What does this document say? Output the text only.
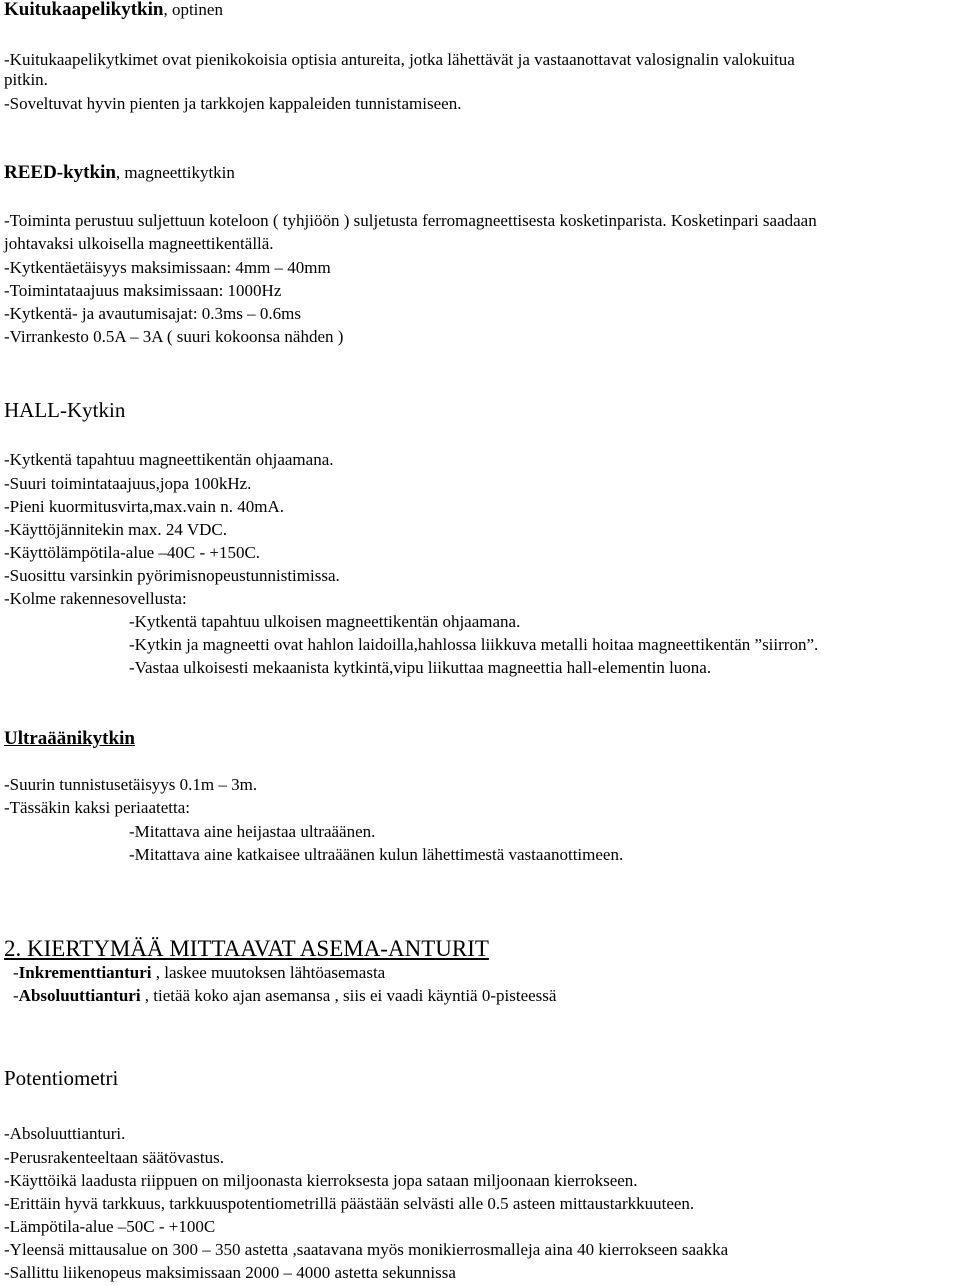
Kuitukaapelikytkin, optinen
-Kuitukaapelikytkimet ovat pienikokoisia optisia antureita, jotka lähettävät ja vastaanottavat valosignalin valokuitua
pitkin.
-Soveltuvat hyvin pienten ja tarkkojen kappaleiden tunnistamiseen.
REED-kytkin, magneettikytkin
-Toiminta perustuu suljettuun koteloon ( tyhjiöön ) suljetusta ferromagneettisesta kosketinparista. Kosketinpari saadaan
johtavaksi ulkoisella magneettikentällä.
-Kytkentäetäisyys maksimissaan: 4mm – 40mm
-Toimintataajuus maksimissaan: 1000Hz
-Kytkentä- ja avautumisajat: 0.3ms – 0.6ms
-Virrankesto 0.5A – 3A ( suuri kokoonsa nähden )
HALL-Kytkin
-Kytkentä tapahtuu magneettikentän ohjaamana.
-Suuri toimintataajuus,jopa 100kHz.
-Pieni kuormitusvirta,max.vain n. 40mA.
-Käyttöjännitekin max. 24 VDC.
-Käyttölämpötila-alue –40C - +150C.
-Suosittu varsinkin pyörimisnopeustunnistimissa.
-Kolme rakennesovellusta:
-Kytkentä tapahtuu ulkoisen magneettikentän ohjaamana.
-Kytkin ja magneetti ovat hahlon laidoilla,hahlossa liikkuva metalli hoitaa magneettikentän ”siirron”.
-Vastaa ulkoisesti mekaanista kytkintä,vipu liikuttaa magneettia hall-elementin luona.
Ultraäänikytkin
-Suurin tunnistusetäisyys 0.1m – 3m.
-Tässäkin kaksi periaatetta:
-Mitattava aine heijastaa ultraäänen.
-Mitattava aine katkaisee ultraäänen kulun lähettimestä vastaanottimeen.
2. KIERTYMÄÄ MITTAAVAT ASEMA-ANTURIT
-Inkrementtianturi , laskee muutoksen lähtöasemasta
-Absoluuttianturi , tietää koko ajan asemansa , siis ei vaadi käyntiä 0-pisteessä
Potentiometri
-Absoluuttianturi.
-Perusrakenteeltaan säätövastus.
-Käyttöikä laadusta riippuen on miljoonasta kierroksesta jopa sataan miljoonaan kierrokseen.
-Erittäin hyvä tarkkuus, tarkkuuspotentiometrillä päästään selvästi alle 0.5 asteen mittaustarkkuuteen.
-Lämpötila-alue –50C - +100C
-Yleensä mittausalue on 300 – 350 astetta ,saatavana myös monikierrosmalleja aina 40 kierrokseen saakka
-Sallittu liikenopeus maksimissaan 2000 – 4000 astetta sekunnissa
